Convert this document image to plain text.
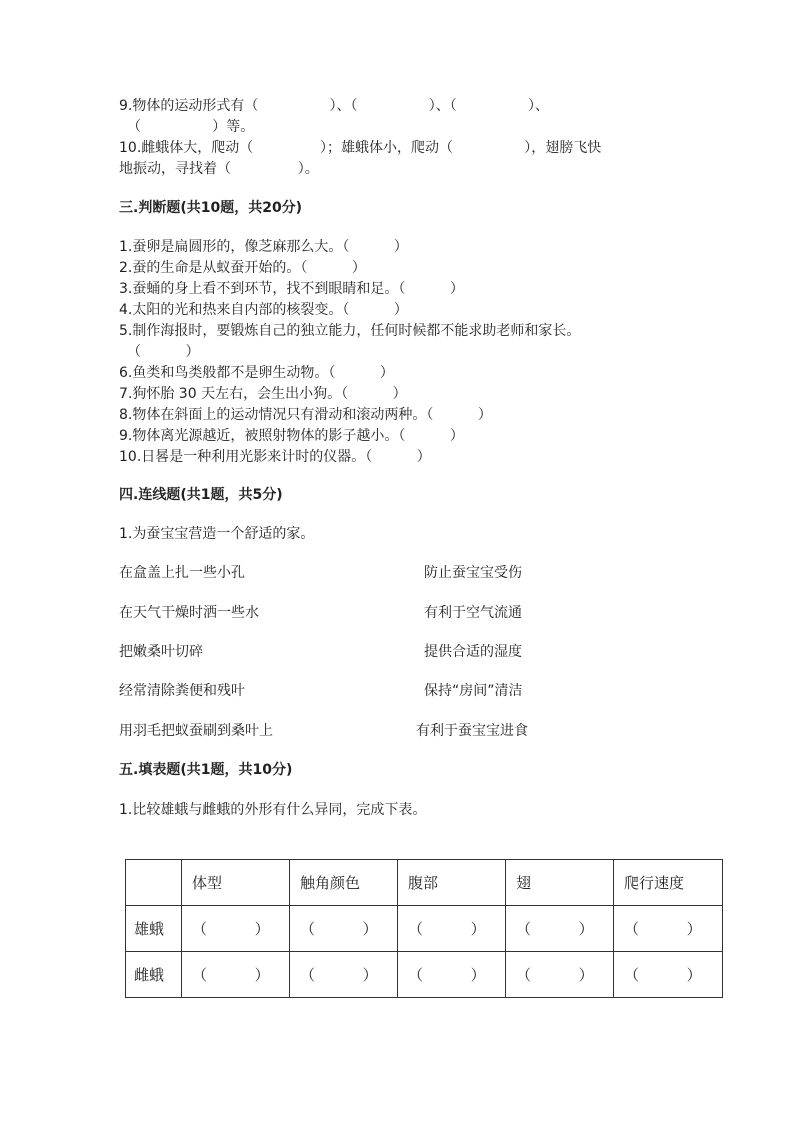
9.物体的运动形式有（                ）、（                ）、（                ）、
（                ）等。
10.雌蛾体大，爬动（               ）；雄蛾体小，爬动（                ），翅膀飞快
地振动，寻找着（               ）。
三.判断题(共10题，共20分)
1.蚕卵是扁圆形的，像芝麻那么大。（          ）
2.蚕的生命是从蚁蚕开始的。（          ）
3.蚕蛹的身上看不到环节，找不到眼睛和足。（          ）
4.太阳的光和热来自内部的核裂变。（          ）
5.制作海报时，要锻炼自己的独立能力，任何时候都不能求助老师和家长。
（          ）
6.鱼类和鸟类般都不是卵生动物。（          ）
7.狗怀胎 30 天左右，会生出小狗。（          ）
8.物体在斜面上的运动情况只有滑动和滚动两种。（          ）
9.物体离光源越近，被照射物体的影子越小。（          ）
10.日晷是一种利用光影来计时的仪器。（          ）
四.连线题(共1题，共5分)
1.为蚕宝宝营造一个舒适的家。
在盒盖上扎一些小孔	防止蚕宝宝受伤
在天气干燥时洒一些水	有利于空气流通
把嫩桑叶切碎	提供合适的湿度
经常清除粪便和残叶	保持“房间”清洁
用羽毛把蚁蚕刷到桑叶上	有利于蚕宝宝进食
五.填表题(共1题，共10分)
1.比较雄蛾与雌蛾的外形有什么异同，完成下表。
	体型	触角颜色	腹部	翅	爬行速度
雄蛾	（          ）	（          ）	（          ）	（          ）	（          ）
雌蛾	（          ）	（          ）	（          ）	（          ）	（          ）
